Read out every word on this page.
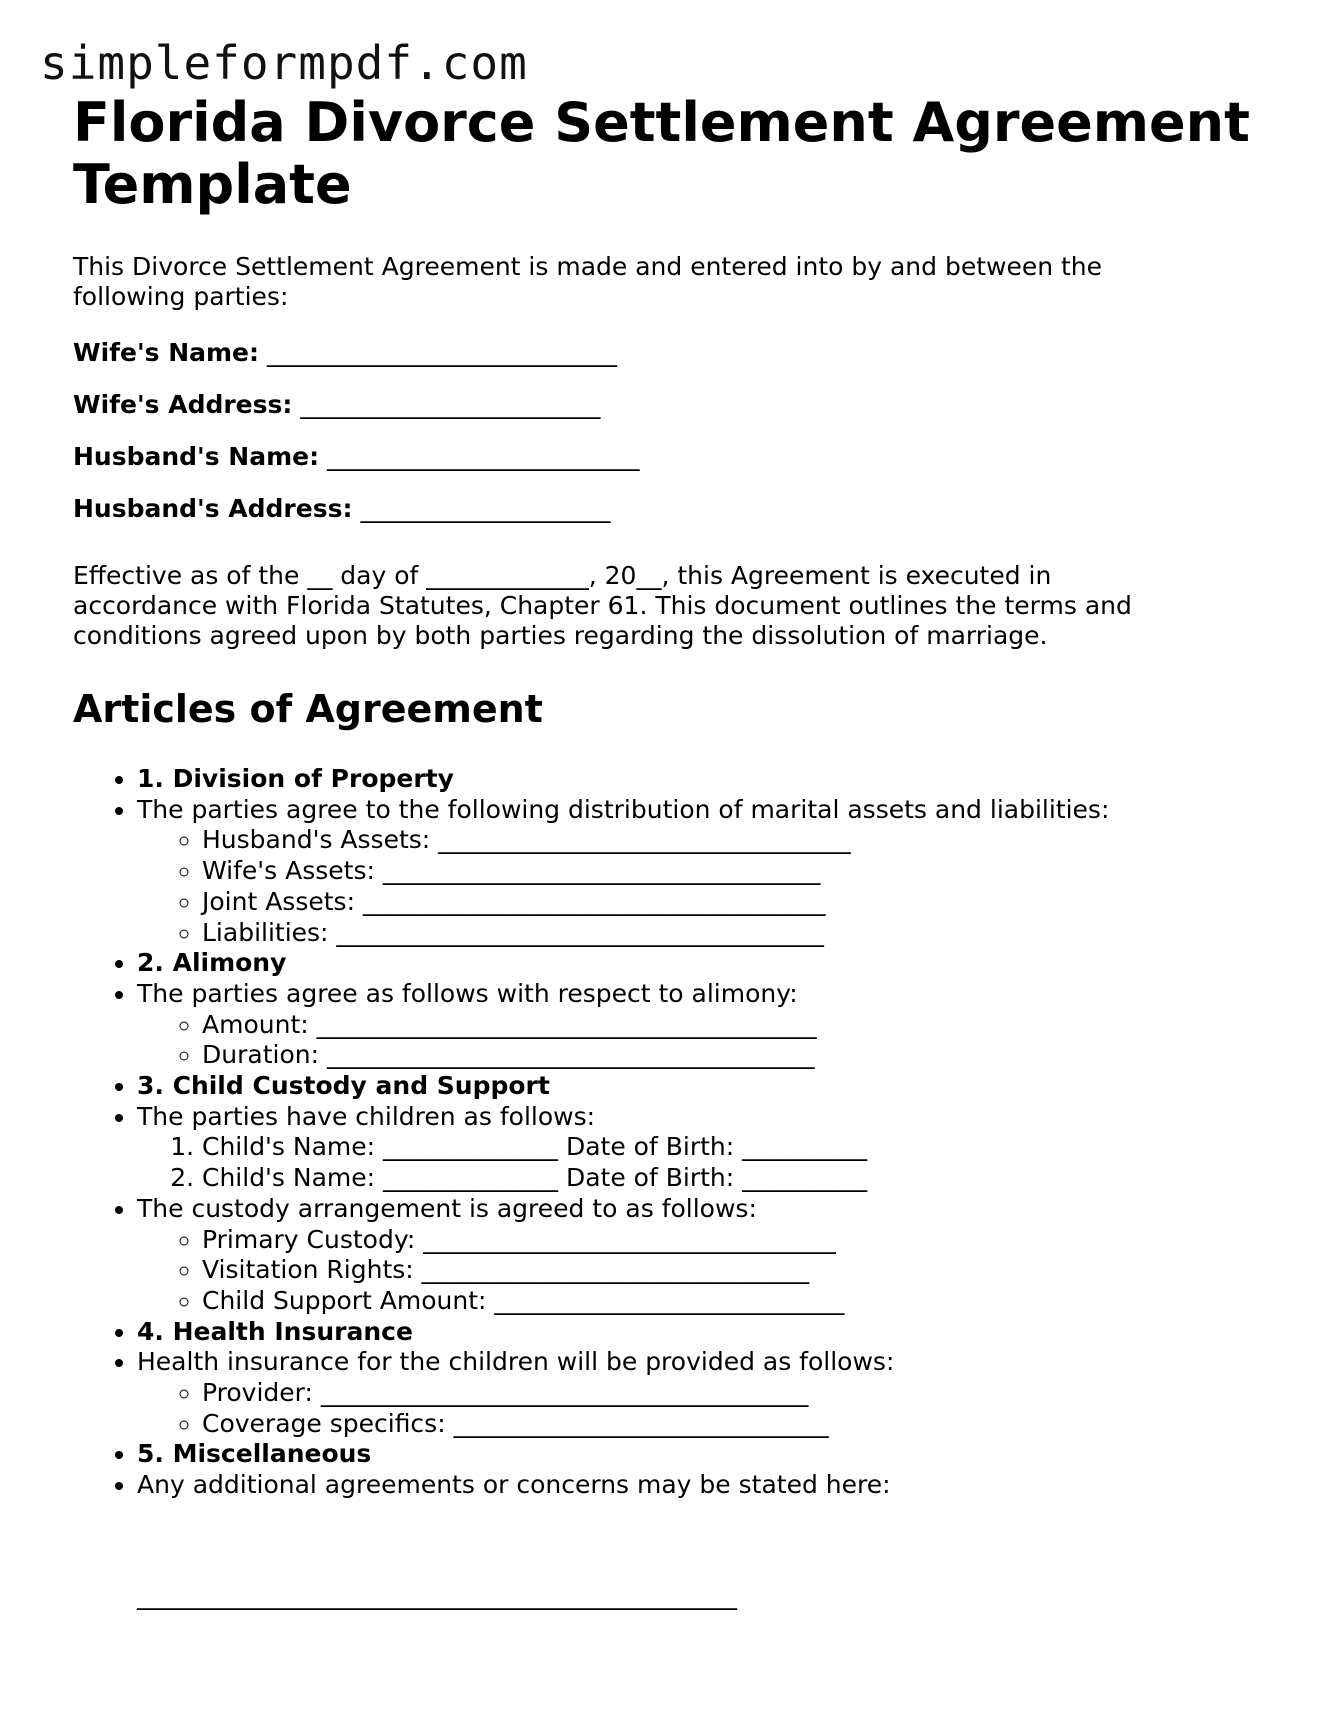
simpleformpdf.com
Florida Divorce Settlement Agreement Template

This Divorce Settlement Agreement is made and entered into by and between the following parties:

Wife's Name: ____________________________

Wife's Address: ________________________

Husband's Name: _________________________

Husband's Address: ____________________

Effective as of the __ day of _____________, 20__, this Agreement is executed in accordance with Florida Statutes, Chapter 61. This document outlines the terms and conditions agreed upon by both parties regarding the dissolution of marriage.

Articles of Agreement
• 1. Division of Property
• The parties agree to the following distribution of marital assets and liabilities:
◦ Husband's Assets: _________________________________
◦ Wife's Assets: ___________________________________
◦ Joint Assets: _____________________________________
◦ Liabilities: _______________________________________
• 2. Alimony
• The parties agree as follows with respect to alimony:
◦ Amount: ________________________________________
◦ Duration: _______________________________________
• 3. Child Custody and Support
• The parties have children as follows:
1. Child's Name: ______________ Date of Birth: __________
2. Child's Name: ______________ Date of Birth: __________
• The custody arrangement is agreed to as follows:
◦ Primary Custody: _________________________________
◦ Visitation Rights: _______________________________
◦ Child Support Amount: ____________________________
• 4. Health Insurance
• Health insurance for the children will be provided as follows:
◦ Provider: _______________________________________
◦ Coverage specifics: ______________________________
• 5. Miscellaneous
• Any additional agreements or concerns may be stated here:
________________________________________________
